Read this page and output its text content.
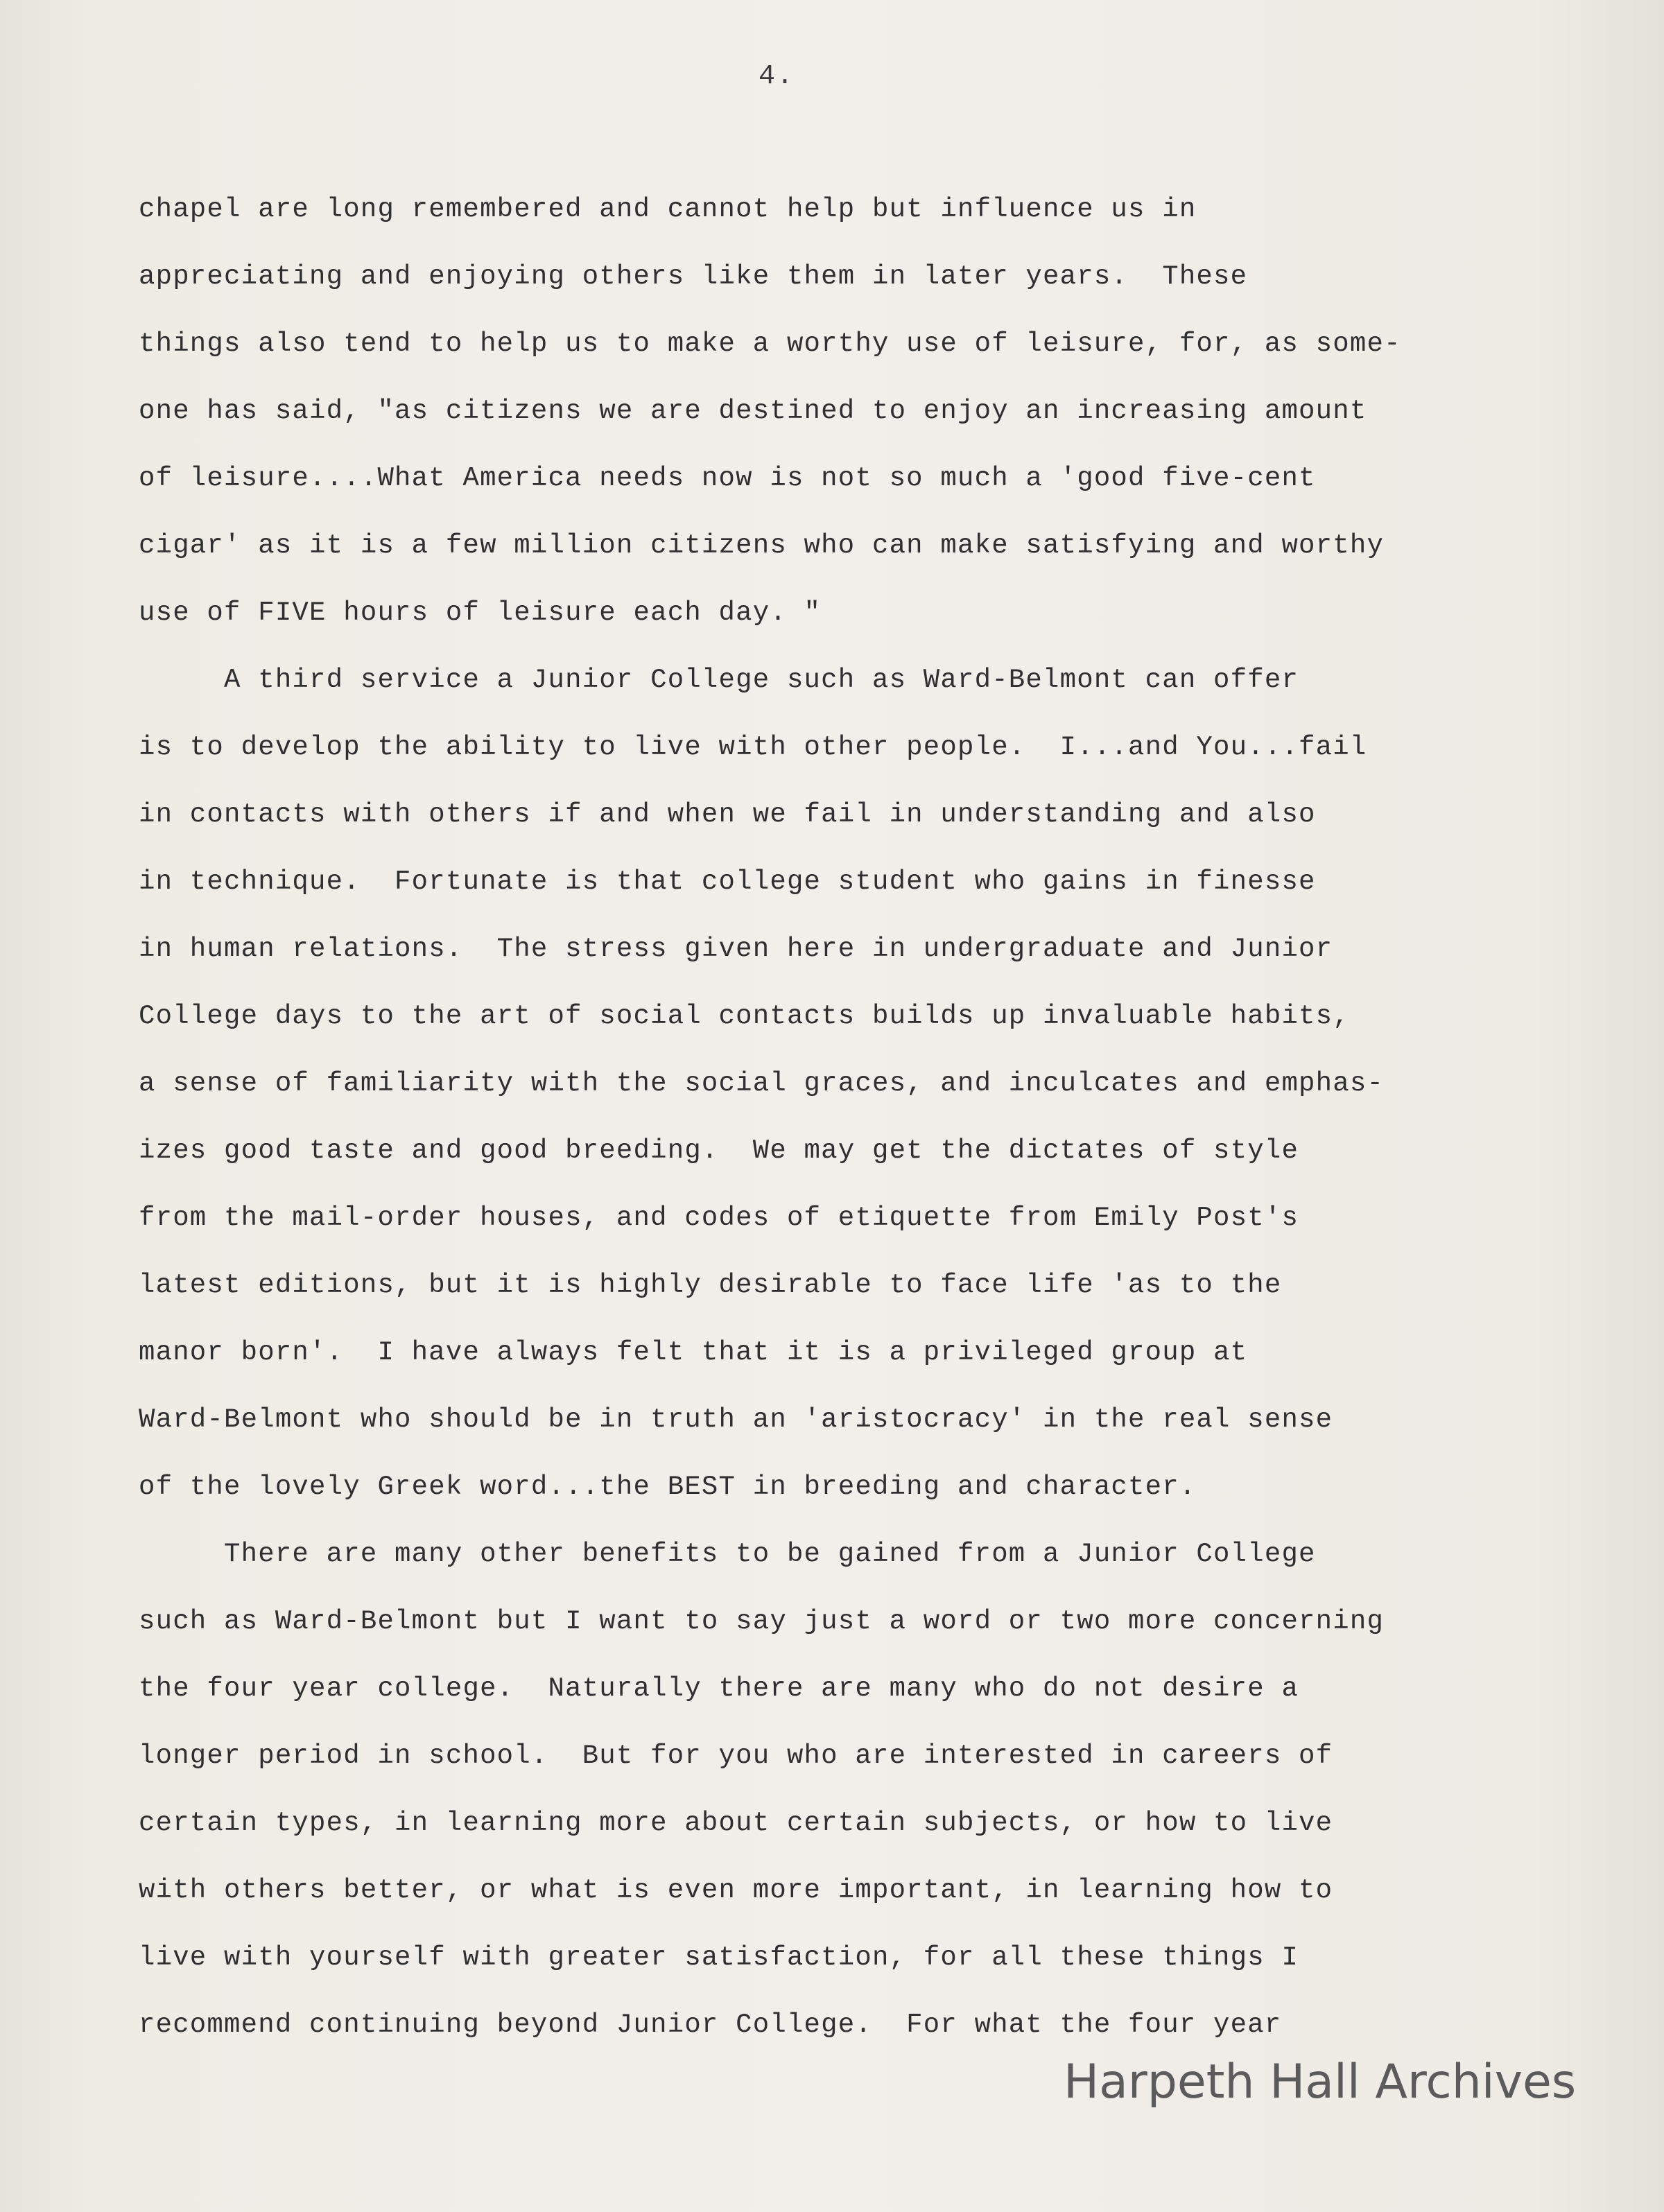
4.
chapel are long remembered and cannot help but influence us in
appreciating and enjoying others like them in later years.  These
things also tend to help us to make a worthy use of leisure, for, as some-
one has said, "as citizens we are destined to enjoy an increasing amount
of leisure....What America needs now is not so much a 'good five-cent
cigar' as it is a few million citizens who can make satisfying and worthy
use of FIVE hours of leisure each day. "
A third service a Junior College such as Ward-Belmont can offer
is to develop the ability to live with other people.  I...and You...fail
in contacts with others if and when we fail in understanding and also
in technique.  Fortunate is that college student who gains in finesse
in human relations.  The stress given here in undergraduate and Junior
College days to the art of social contacts builds up invaluable habits,
a sense of familiarity with the social graces, and inculcates and emphas-
izes good taste and good breeding.  We may get the dictates of style
from the mail-order houses, and codes of etiquette from Emily Post's
latest editions, but it is highly desirable to face life 'as to the
manor born'.  I have always felt that it is a privileged group at
Ward-Belmont who should be in truth an 'aristocracy' in the real sense
of the lovely Greek word...the BEST in breeding and character.
There are many other benefits to be gained from a Junior College
such as Ward-Belmont but I want to say just a word or two more concerning
the four year college.  Naturally there are many who do not desire a
longer period in school.  But for you who are interested in careers of
certain types, in learning more about certain subjects, or how to live
with others better, or what is even more important, in learning how to
live with yourself with greater satisfaction, for all these things I
recommend continuing beyond Junior College.  For what the four year
Harpeth Hall Archives
